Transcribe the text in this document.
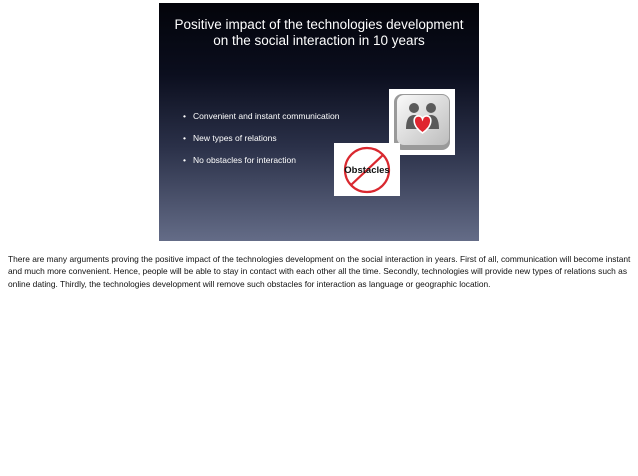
Positive impact of the technologies development on the social interaction in 10 years
• Convenient and instant communication
• New types of relations
• No obstacles for interaction
Obstacles

There are many arguments proving the positive impact of the technologies development on the social interaction in years. First of all, communication will become instant and much more convenient. Hence, people will be able to stay in contact with each other all the time. Secondly, technologies will provide new types of relations such as online dating. Thirdly, the technologies development will remove such obstacles for interaction as language or geographic location.
